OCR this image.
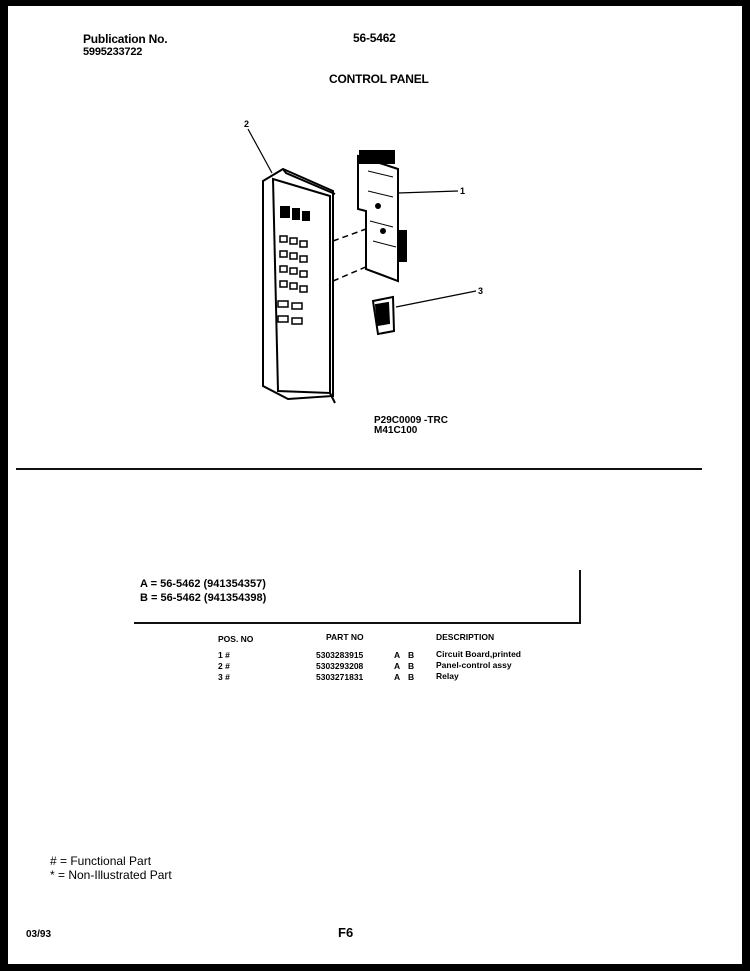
Publication No.
5995233722
56-5462
CONTROL PANEL
2
1
3
P29C0009 -TRC
M41C100
A = 56-5462 (941354357)
B = 56-5462 (941354398)
POS. NO	PART NO	DESCRIPTION
1 #	5303283915	A B	Circuit Board,printed
2 #	5303293208	A B	Panel-control assy
3 #	5303271831	A B	Relay
# = Functional Part
* = Non-Illustrated Part
03/93	F6
